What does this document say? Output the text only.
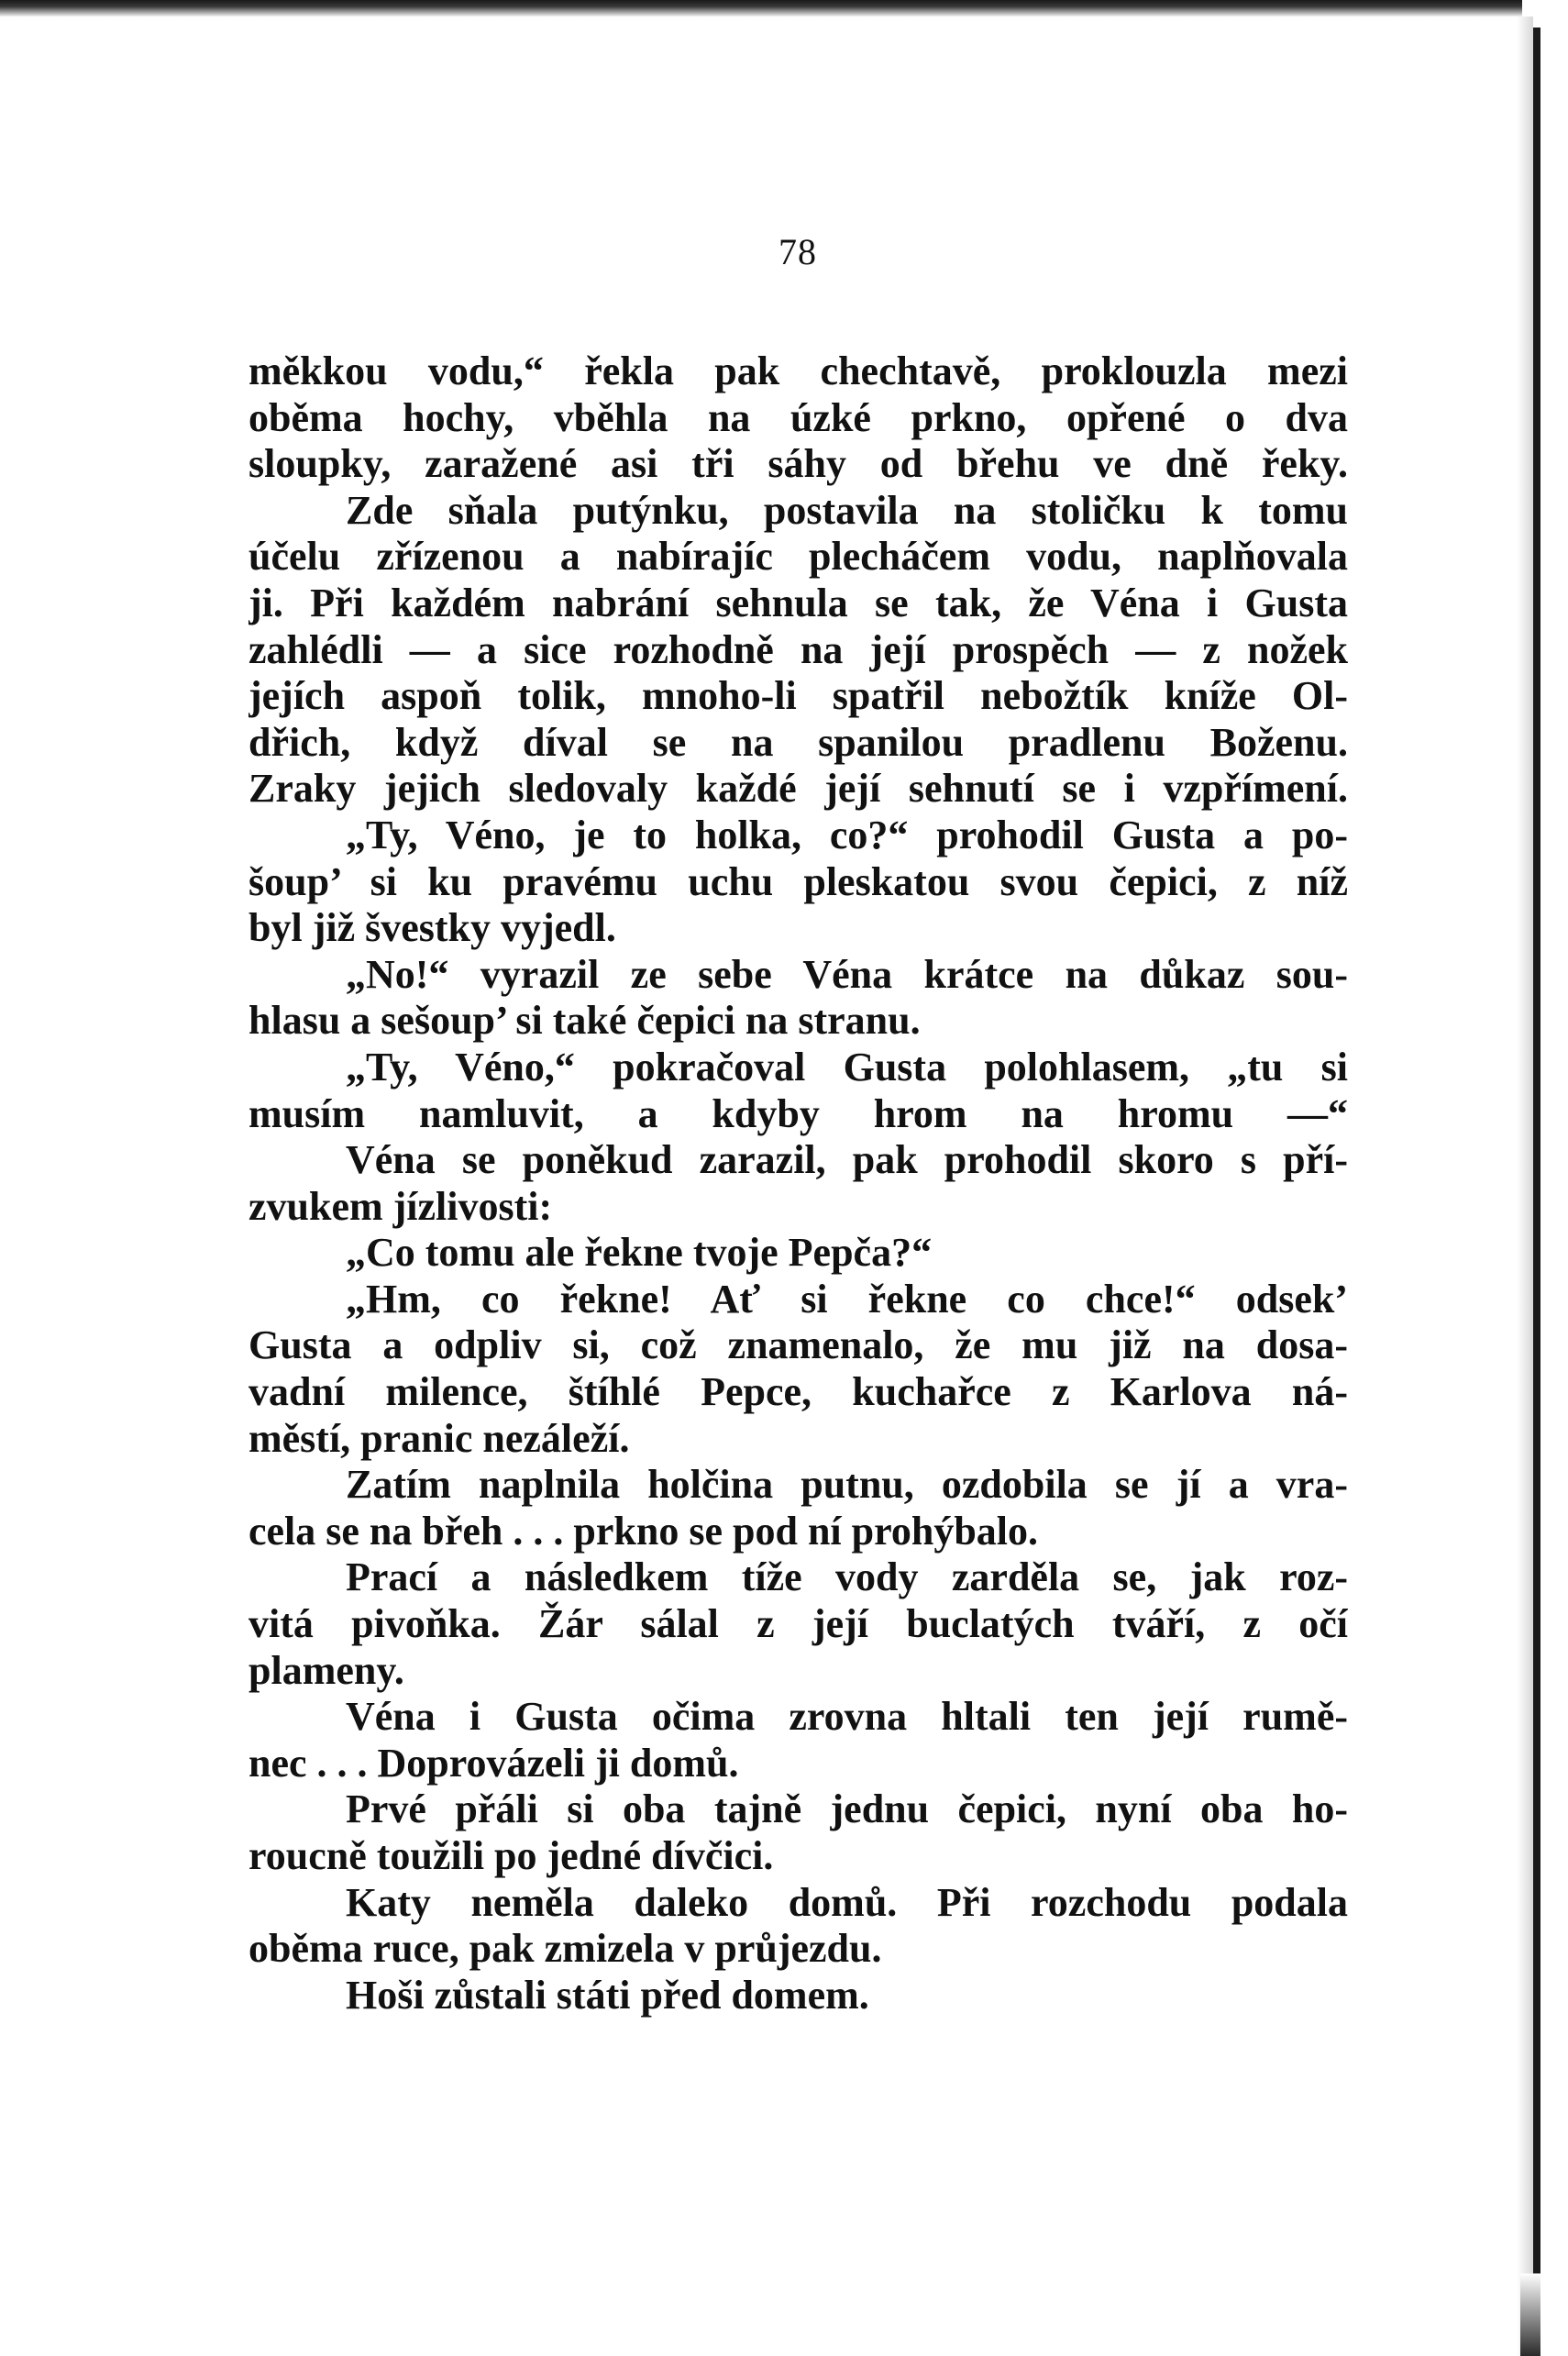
78
měkkou vodu,“ řekla pak chechtavě, proklouzla mezi
oběma hochy, vběhla na úzké prkno, opřené o dva
sloupky, zaražené asi tři sáhy od břehu ve dně řeky.
Zde sňala putýnku, postavila na stoličku k tomu
účelu zřízenou a nabírajíc plecháčem vodu, naplňovala
ji. Při každém nabrání sehnula se tak, že Véna i Gusta
zahlédli — a sice rozhodně na její prospěch — z nožek
jejích aspoň tolik, mnoho-li spatřil nebožtík kníže Ol-
dřich, když díval se na spanilou pradlenu Boženu.
Zraky jejich sledovaly každé její sehnutí se i vzpřímení.
„Ty, Véno, je to holka, co?“ prohodil Gusta a po-
šoup’ si ku pravému uchu pleskatou svou čepici, z níž
byl již švestky vyjedl.
„No!“ vyrazil ze sebe Véna krátce na důkaz sou-
hlasu a sešoup’ si také čepici na stranu.
„Ty, Véno,“ pokračoval Gusta polohlasem, „tu si
musím namluvit, a kdyby hrom na hromu —“
Véna se poněkud zarazil, pak prohodil skoro s pří-
zvukem jízlivosti:
„Co tomu ale řekne tvoje Pepča?“
„Hm, co řekne! Ať si řekne co chce!“ odsek’
Gusta a odpliv si, což znamenalo, že mu již na dosa-
vadní milence, štíhlé Pepce, kuchařce z Karlova ná-
městí, pranic nezáleží.
Zatím naplnila holčina putnu, ozdobila se jí a vra-
cela se na břeh . . . prkno se pod ní prohýbalo.
Prací a následkem tíže vody zarděla se, jak roz-
vitá pivoňka. Žár sálal z její buclatých tváří, z očí
plameny.
Véna i Gusta očima zrovna hltali ten její rumě-
nec . . . Doprovázeli ji domů.
Prvé přáli si oba tajně jednu čepici, nyní oba ho-
roucně toužili po jedné dívčici.
Katy neměla daleko domů. Při rozchodu podala
oběma ruce, pak zmizela v průjezdu.
Hoši zůstali státi před domem.
